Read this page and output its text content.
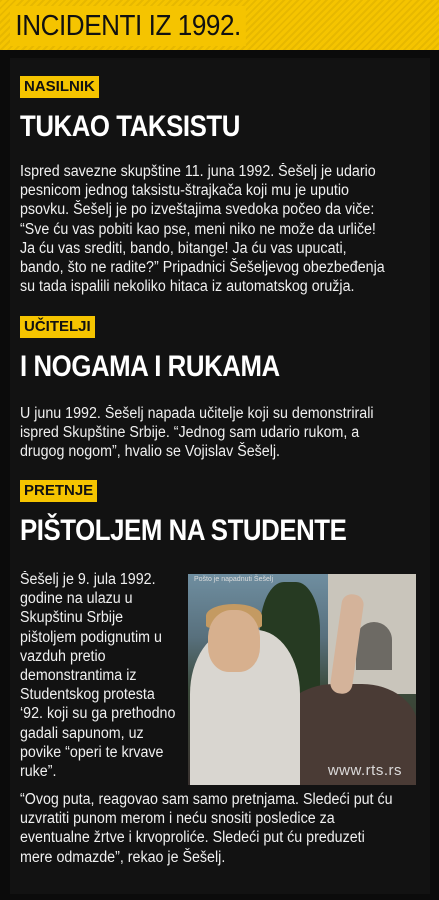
INCIDENTI IZ 1992.
NASILNIK
TUKAO TAKSISTU
Ispred savezne skupštine 11. juna 1992. Šešelj je udario pesnicom jednog taksistu-štrajkača koji mu je uputio psovku. Šešelj je po izveštajima svedoka počeo da viče: “Sve ću vas pobiti kao pse, meni niko ne može da urliče! Ja ću vas srediti, bando, bitange! Ja ću vas upucati, bando, što ne radite?” Pripadnici Šešeljevog obezbeđenja su tada ispalili nekoliko hitaca iz automatskog oružja.
UČITELJI
I NOGAMA I RUKAMA
U junu 1992. Šešelj napada učitelje koji su demonstrirali ispred Skupštine Srbije. “Jednog sam udario rukom, a drugog nogom”, hvalio se Vojislav Šešelj.
PRETNJE
PIŠTOLJEM NA STUDENTE
Šešelj je 9. jula 1992. godine na ulazu u Skupštinu Srbije pištoljem podignutim u vazduh pretio demonstrantima iz Studentskog protesta ‘92. koji su ga prethodno gadali sapunom, uz povike “operi te krvave ruke”.
“Ovog puta, reagovao sam samo pretnjama. Sledeći put ću uzvratiti punom merom i neću snositi posledice za eventualne žrtve i krvoproliće. Sledeći put ću preduzeti mere odmazde”, rekao je Šešelj.
Pošto je napadnuti Šešelj
www.rts.rs
